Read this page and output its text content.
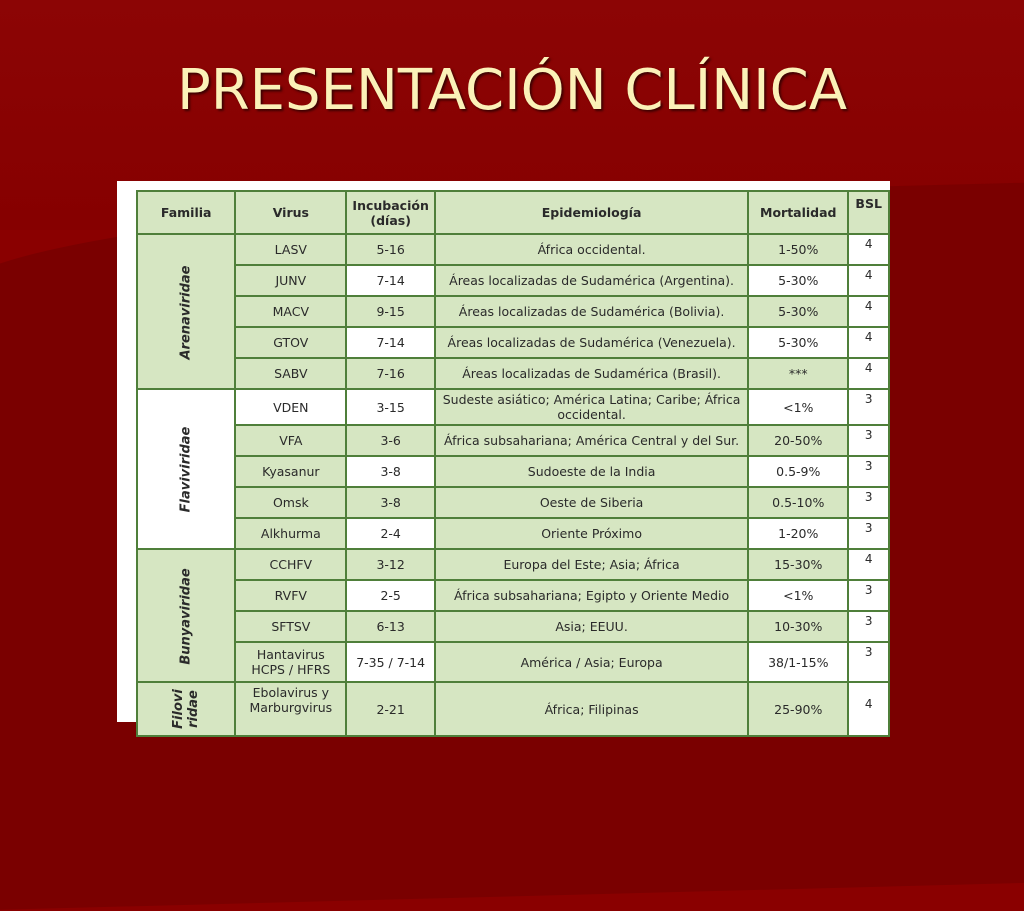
PRESENTACIÓN CLÍNICA
Familia	Virus	Incubación (días)	Epidemiología	Mortalidad	BSL
Arenaviridae	LASV	5-16	África occidental.	1-50%	4
	JUNV	7-14	Áreas localizadas de Sudamérica (Argentina).	5-30%	4
	MACV	9-15	Áreas localizadas de Sudamérica (Bolivia).	5-30%	4
	GTOV	7-14	Áreas localizadas de Sudamérica (Venezuela).	5-30%	4
	SABV	7-16	Áreas localizadas de Sudamérica (Brasil).	***	4
Flaviviridae	VDEN	3-15	Sudeste asiático; América Latina; Caribe; África occidental.	<1%	3
	VFA	3-6	África subsahariana; América Central y del Sur.	20-50%	3
	Kyasanur	3-8	Sudoeste de la India	0.5-9%	3
	Omsk	3-8	Oeste de Siberia	0.5-10%	3
	Alkhurma	2-4	Oriente Próximo	1-20%	3
Bunyaviridae	CCHFV	3-12	Europa del Este; Asia; África	15-30%	4
	RVFV	2-5	África subsahariana; Egipto y Oriente Medio	<1%	3
	SFTSV	6-13	Asia; EEUU.	10-30%	3
	Hantavirus HCPS / HFRS	7-35 / 7-14	América / Asia; Europa	38/1-15%	3

Filovi ridae	Ebolavirus y Marburgvirus	2-21	África; Filipinas	25-90%	4
